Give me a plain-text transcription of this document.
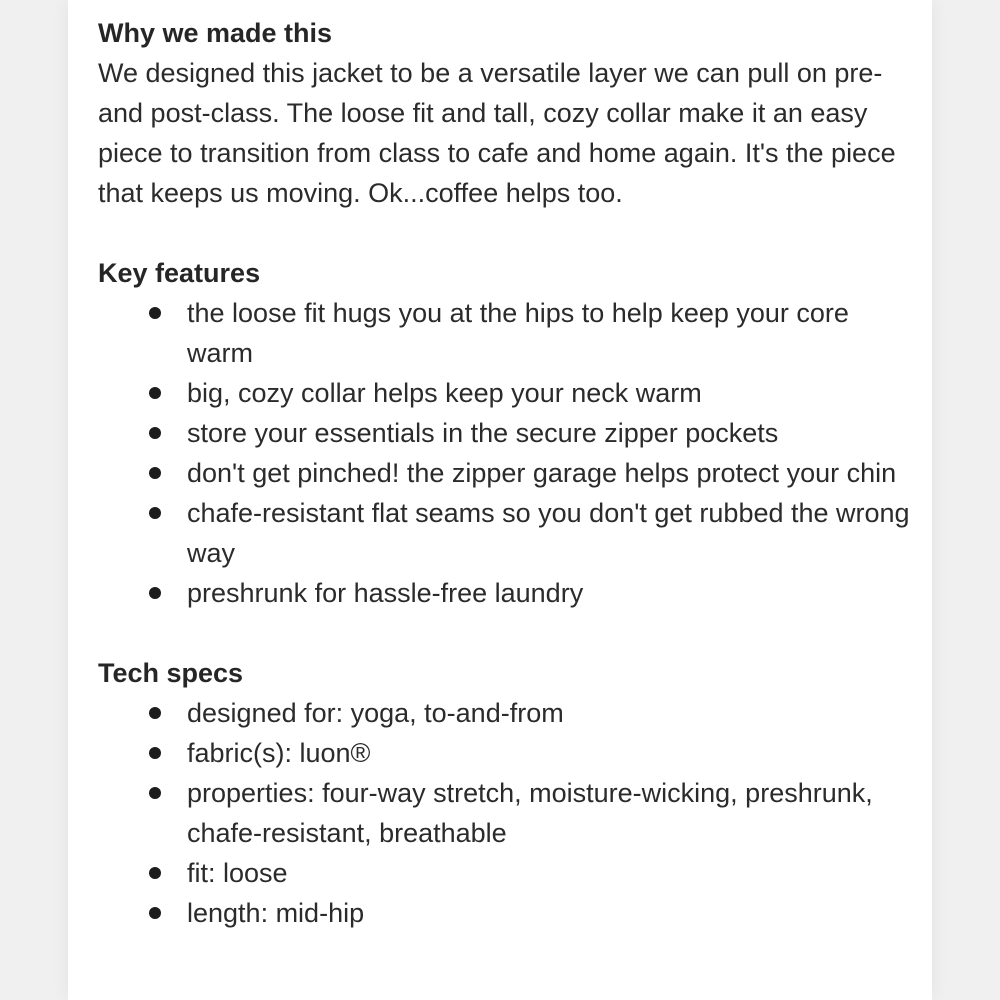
Why we made this

We designed this jacket to be a versatile layer we can pull on pre- and post-class. The loose fit and tall, cozy collar make it an easy piece to transition from class to cafe and home again. It's the piece that keeps us moving. Ok...coffee helps too.

Key features
the loose fit hugs you at the hips to help keep your core warm
big, cozy collar helps keep your neck warm
store your essentials in the secure zipper pockets
don't get pinched! the zipper garage helps protect your chin
chafe-resistant flat seams so you don't get rubbed the wrong way
preshrunk for hassle-free laundry
Tech specs
designed for: yoga, to-and-from
fabric(s): luon®
properties: four-way stretch, moisture-wicking, preshrunk, chafe-resistant, breathable
fit: loose
length: mid-hip
